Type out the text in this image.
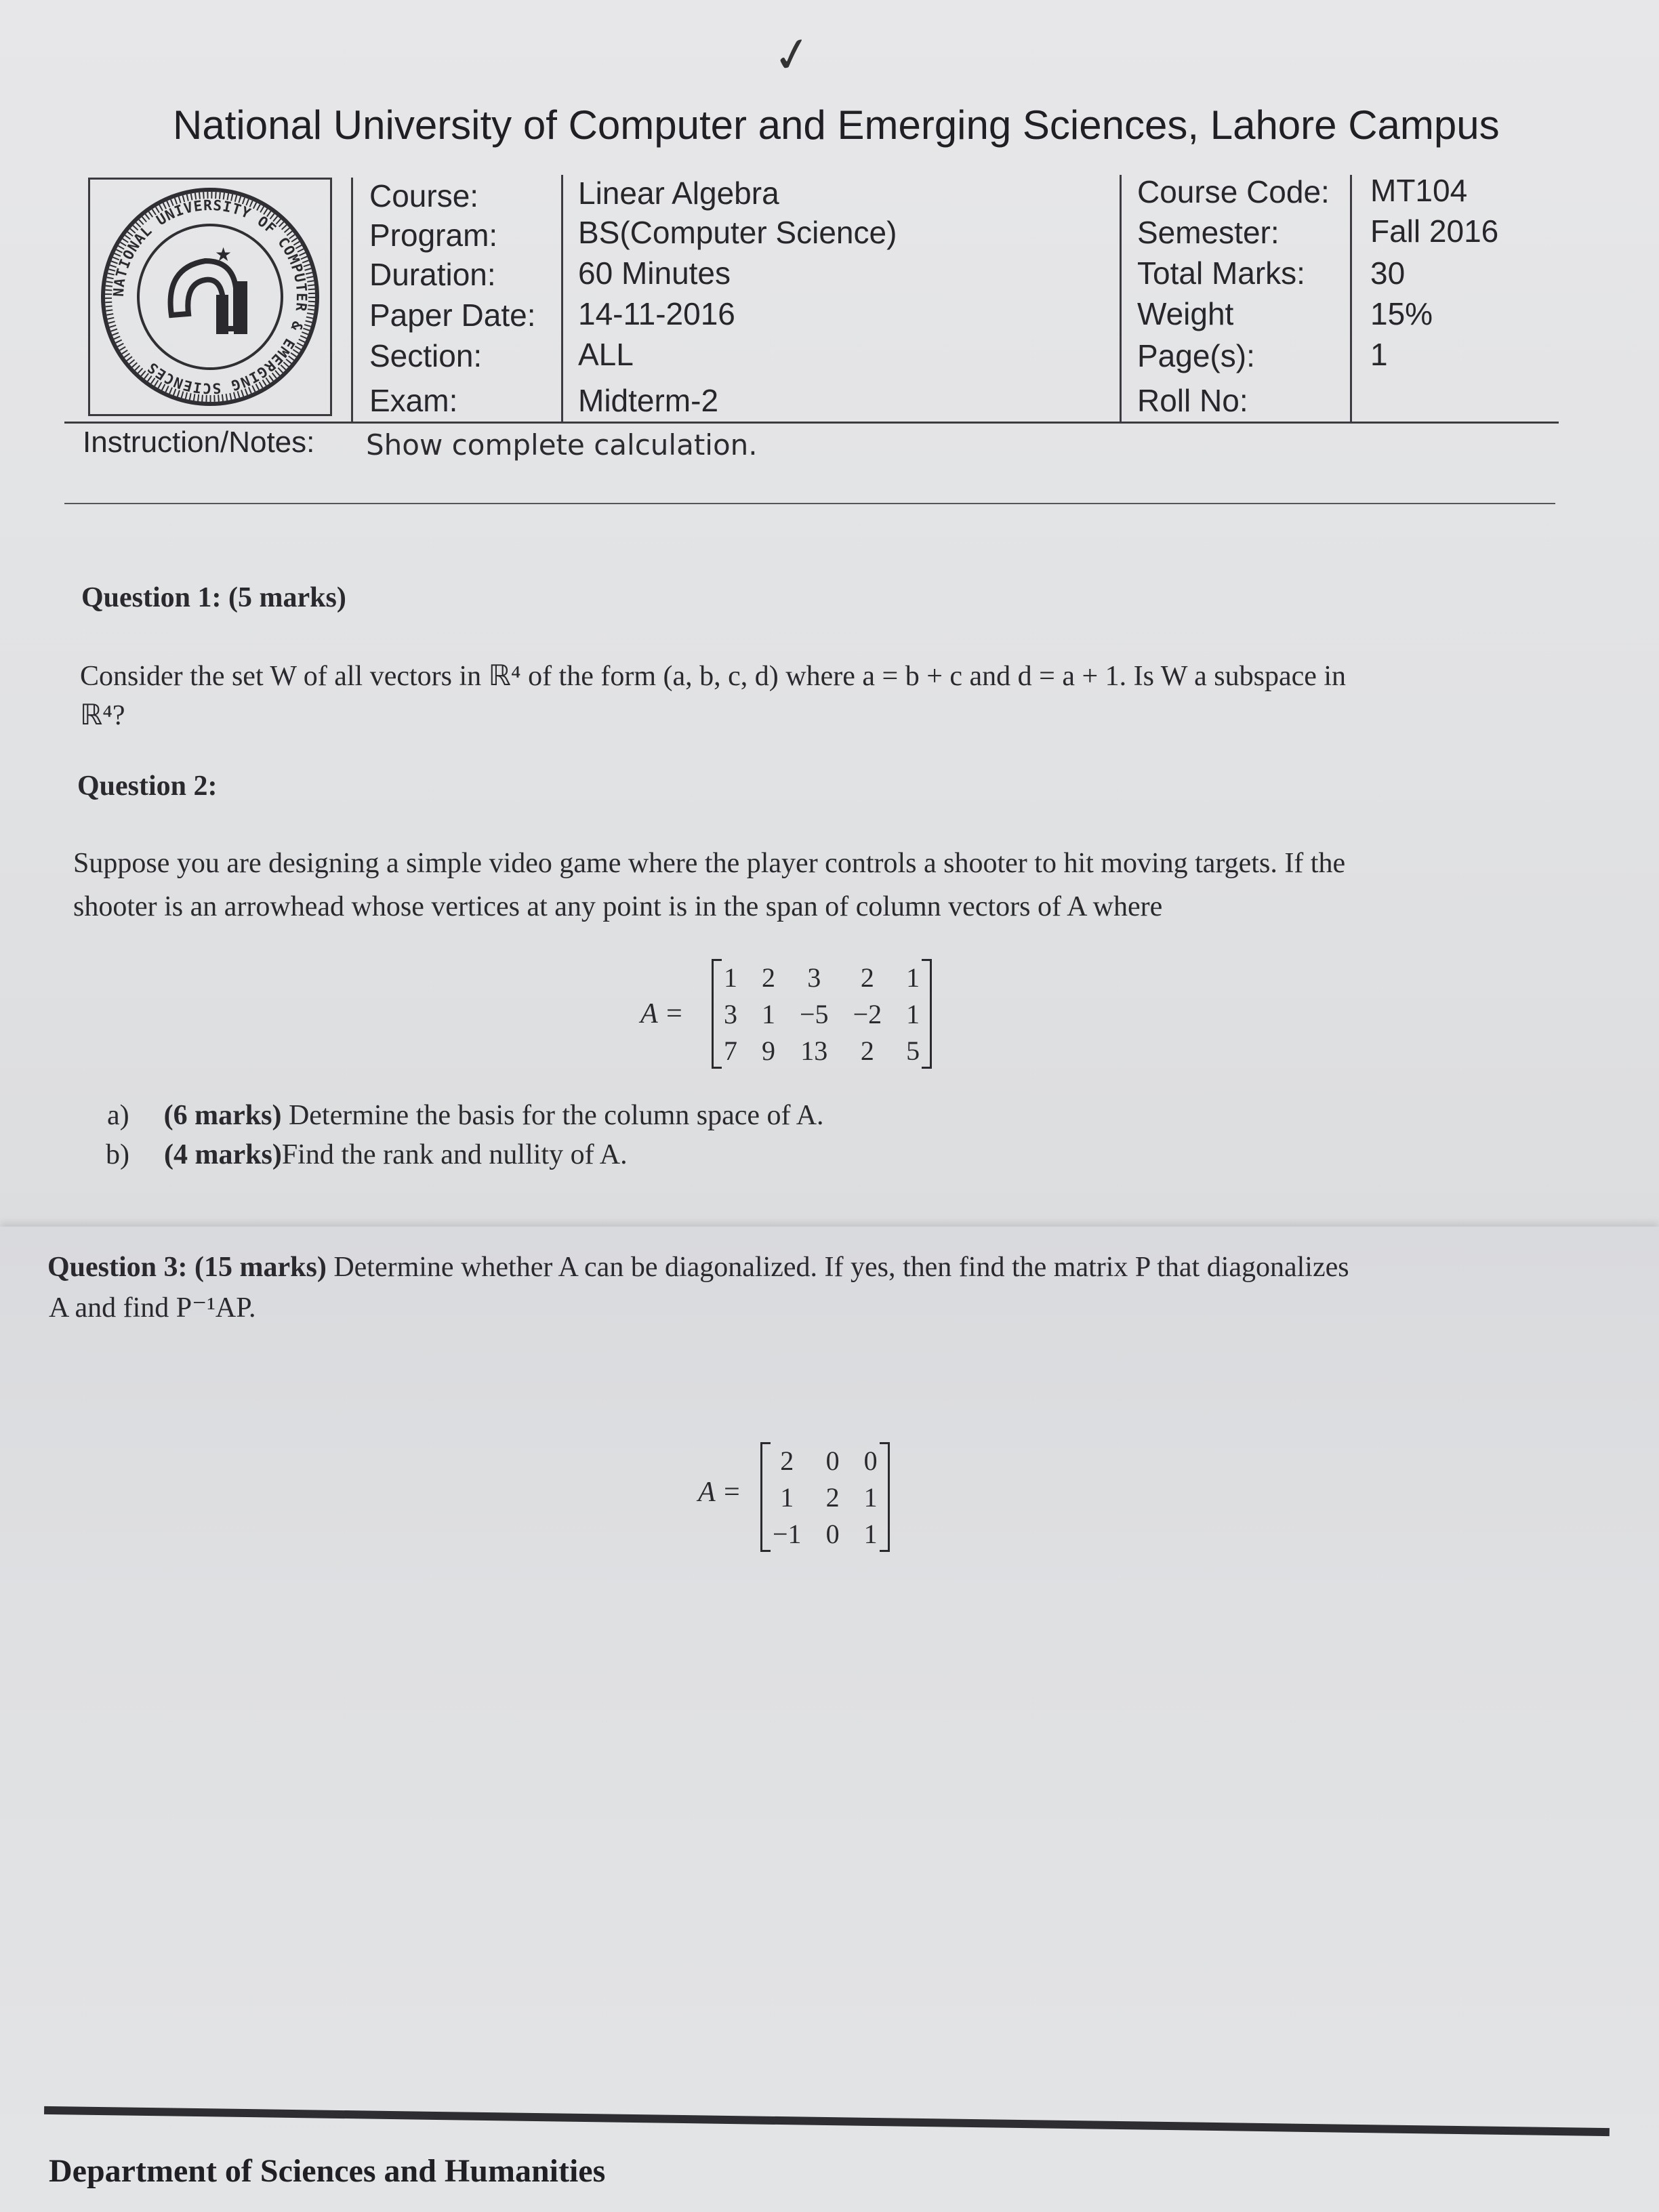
✓
National University of Computer and Emerging Sciences, Lahore Campus
NATIONAL UNIVERSITY OF COMPUTER & EMERGING SCIENCES
★
Course:	Linear Algebra
Program:	BS(Computer Science)
Duration:	60 Minutes
Paper Date: 14-11-2016
Section:	ALL
Exam:	Midterm-2
Course Code: MT104
Semester:	Fall 2016
Total Marks: 30
Weight	15%
Page(s):	1
Roll No:
Instruction/Notes: Show complete calculation.
Question 1: (5 marks)
Consider the set W of all vectors in ℝ⁴ of the form (a, b, c, d) where a = b + c and d = a + 1. Is W a subspace in
ℝ⁴?
Question 2:
Suppose you are designing a simple video game where the player controls a shooter to hit moving targets. If the
shooter is an arrowhead whose vertices at any point is in the span of column vectors of A where
A =
1	2	3	2	1
3	1	−5	−2	1
7	9	13	2	5
a) (6 marks) Determine the basis for the column space of A.
b) (4 marks)Find the rank and nullity of A.
Question 3: (15 marks) Determine whether A can be diagonalized. If yes, then find the matrix P that diagonalizes
A and find P⁻¹AP.
A =
2	0	0
1	2	1
−1	0	1
Department of Sciences and Humanities
